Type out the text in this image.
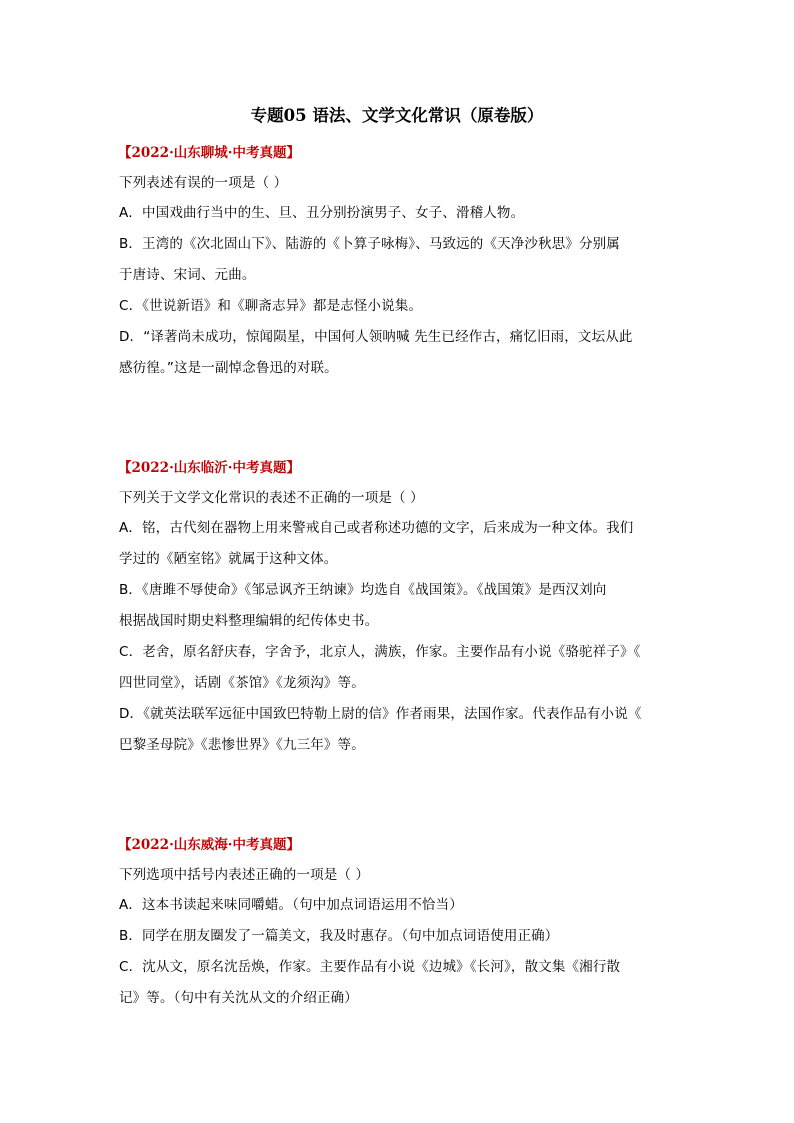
专题05 语法、文学文化常识（原卷版）
【2022·山东聊城·中考真题】

下列表述有误的一项是（ ）

A．中国戏曲行当中的生、旦、丑分别扮演男子、女子、滑稽人物。

B．王湾的《次北固山下》、陆游的《卜算子咏梅》、马致远的《天净沙秋思》分别属

于唐诗、宋词、元曲。

C．《世说新语》和《聊斋志异》都是志怪小说集。

D．“译著尚未成功，惊闻陨星，中国何人领呐喊 先生已经作古，痛忆旧雨，文坛从此

感彷徨。”这是一副悼念鲁迅的对联。

【2022·山东临沂·中考真题】

下列关于文学文化常识的表述不正确的一项是（ ）

A．铭，古代刻在器物上用来警戒自己或者称述功德的文字，后来成为一种文体。我们

学过的《陋室铭》就属于这种文体。

B．《唐雎不辱使命》《邹忌讽齐王纳谏》均选自《战国策》。《战国策》是西汉刘向

根据战国时期史料整理编辑的纪传体史书。

C．老舍，原名舒庆春，字舍予，北京人，满族，作家。主要作品有小说《骆驼祥子》《

四世同堂》，话剧《茶馆》《龙须沟》等。

D．《就英法联军远征中国致巴特勒上尉的信》作者雨果，法国作家。代表作品有小说《

巴黎圣母院》《悲惨世界》《九三年》等。

【2022·山东威海·中考真题】

下列选项中括号内表述正确的一项是（ ）

A．这本书读起来味同嚼蜡。（句中加点词语运用不恰当）

B．同学在朋友圈发了一篇美文，我及时惠存。（句中加点词语使用正确）

C．沈从文，原名沈岳焕，作家。主要作品有小说《边城》《长河》，散文集《湘行散

记》等。（句中有关沈从文的介绍正确）
